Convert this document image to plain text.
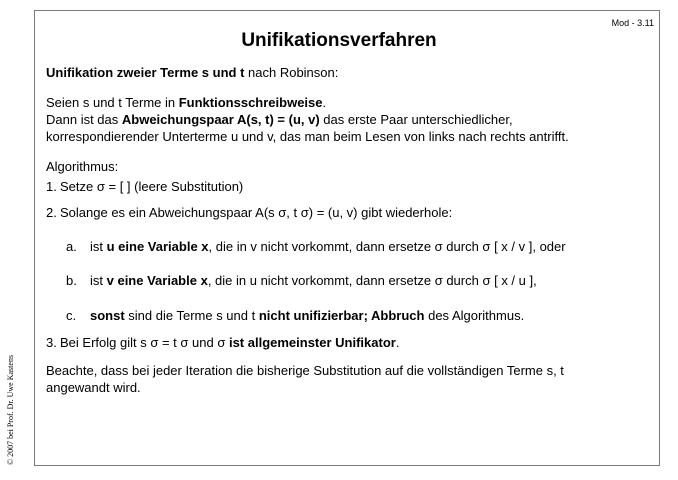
Mod - 3.11
Unifikationsverfahren
© 2007 bei Prof. Dr. Uwe Kastens
Unifikation zweier Terme s und t nach Robinson:
Seien s und t Terme in Funktionsschreibweise.
Dann ist das Abweichungspaar A(s, t) = (u, v) das erste Paar unterschiedlicher,
korrespondierender Unterterme u und v, das man beim Lesen von links nach rechts antrifft.
Algorithmus:
1. Setze σ = [ ] (leere Substitution)
2. Solange es ein Abweichungspaar A(s σ, t σ) = (u, v) gibt wiederhole:
a. ist u eine Variable x, die in v nicht vorkommt, dann ersetze σ durch σ [ x / v ], oder
b. ist v eine Variable x, die in u nicht vorkommt, dann ersetze σ durch σ [ x / u ],
c. sonst sind die Terme s und t nicht unifizierbar; Abbruch des Algorithmus.
3. Bei Erfolg gilt s σ = t σ und σ ist allgemeinster Unifikator.
Beachte, dass bei jeder Iteration die bisherige Substitution auf die vollständigen Terme s, t
angewandt wird.
